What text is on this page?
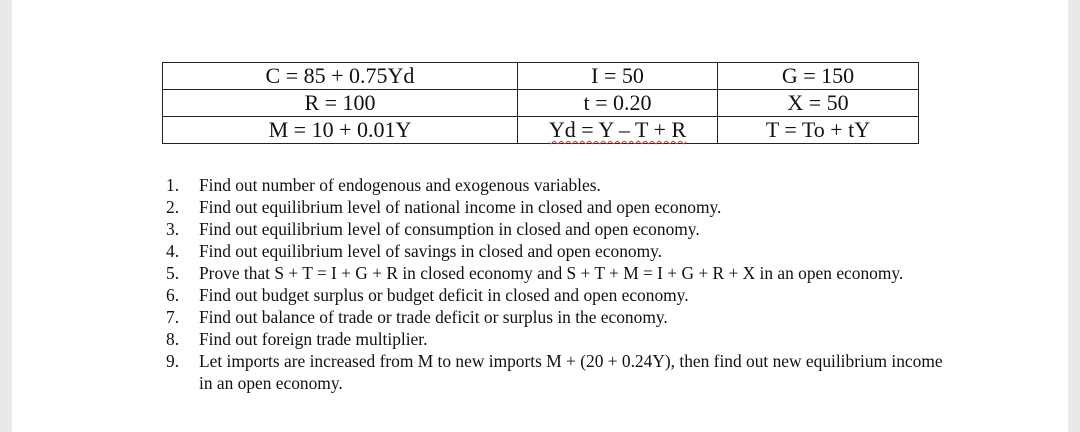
C = 85 + 0.75Yd	I = 50	G = 150
R = 100	t = 0.20	X = 50
M = 10 + 0.01Y	Yd = Y – T + R	T = To + tY
1.	Find out number of endogenous and exogenous variables.
2.	Find out equilibrium level of national income in closed and open economy.
3.	Find out equilibrium level of consumption in closed and open economy.
4.	Find out equilibrium level of savings in closed and open economy.
5.	Prove that S + T = I + G + R in closed economy and S + T + M = I + G + R + X in an open economy.
6.	Find out budget surplus or budget deficit in closed and open economy.
7.	Find out balance of trade or trade deficit or surplus in the economy.
8.	Find out foreign trade multiplier.
9.	Let imports are increased from M to new imports M + (20 + 0.24Y), then find out new equilibrium income in an open economy.
